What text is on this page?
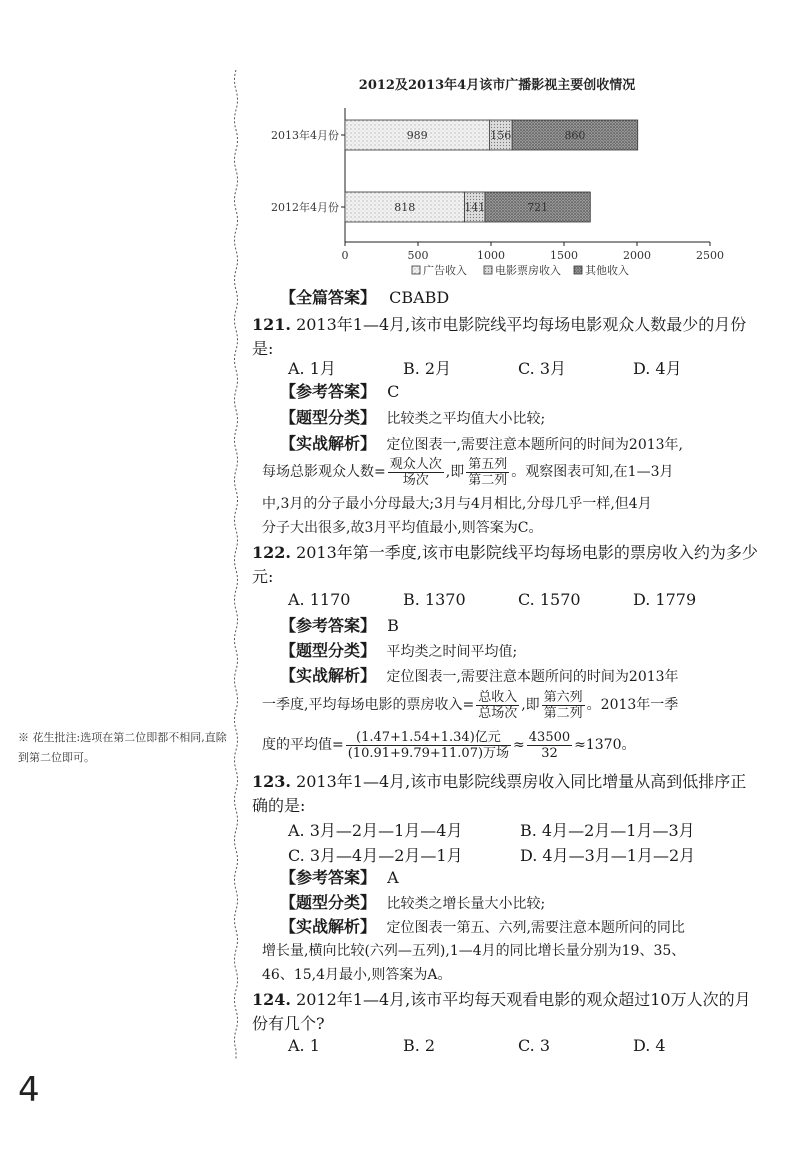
2012及2013年4月该市广播影视主要创收情况
0	500	1000	1500	2000	2500
2013年4月份
2012年4月份
989	156	860
818	141	721
广告收入	电影票房收入 其他收入
【全篇答案】 CBABD
121. 2013年1—4月,该市电影院线平均每场电影观众人数最少的月份是:
A. 1月	B. 2月	C. 3月	D. 4月
【参考答案】 C
【题型分类】 比较类之平均值大小比较;
【实战解析】 定位图表一,需要注意本题所问的时间为2013年,
每场总影观众人数= $\frac{\text{观众人次}}{\text{场次}}$ ,即 $\frac{\text{第五列}}{\text{第二列}}$ 。观察图表可知,在1—3月
中,3月的分子最小分母最大;3月与4月相比,分母几乎一样,但4月
分子大出很多,故3月平均值最小,则答案为C。
122. 2013年第一季度,该市电影院线平均每场电影的票房收入约为多少元:
A. 1170	B. 1370	C. 1570	D. 1779
【参考答案】 B
【题型分类】 平均类之时间平均值;
【实战解析】 定位图表一,需要注意本题所问的时间为2013年
一季度,平均每场电影的票房收入= $\frac{\text{总收入}}{\text{总场次}}$ ,即 $\frac{\text{第六列}}{\text{第二列}}$ 。2013年一季
度的平均值= $\frac{\text{(1.47+1.54+1.34)亿元}}{\text{(10.91+9.79+11.07)万场}} \approx \frac{43500}{32} \approx 1370$。
※ 花生批注:选项在第二位即都不相同,直除到第二位即可。
123. 2013年1—4月,该市电影院线票房收入同比增量从高到低排序正确的是:
A. 3月—2月—1月—4月	B. 4月—2月—1月—3月
C. 3月—4月—2月—1月	D. 4月—3月—1月—2月
【参考答案】 A
【题型分类】 比较类之增长量大小比较;
【实战解析】 定位图表一第五、六列,需要注意本题所问的同比
增长量,横向比较(六列—五列),1—4月的同比增长量分别为19、35、
46、15,4月最小,则答案为A。
124. 2012年1—4月,该市平均每天观看电影的观众超过10万人次的月份有几个?
A. 1	B. 2	C. 3	D. 4
4
